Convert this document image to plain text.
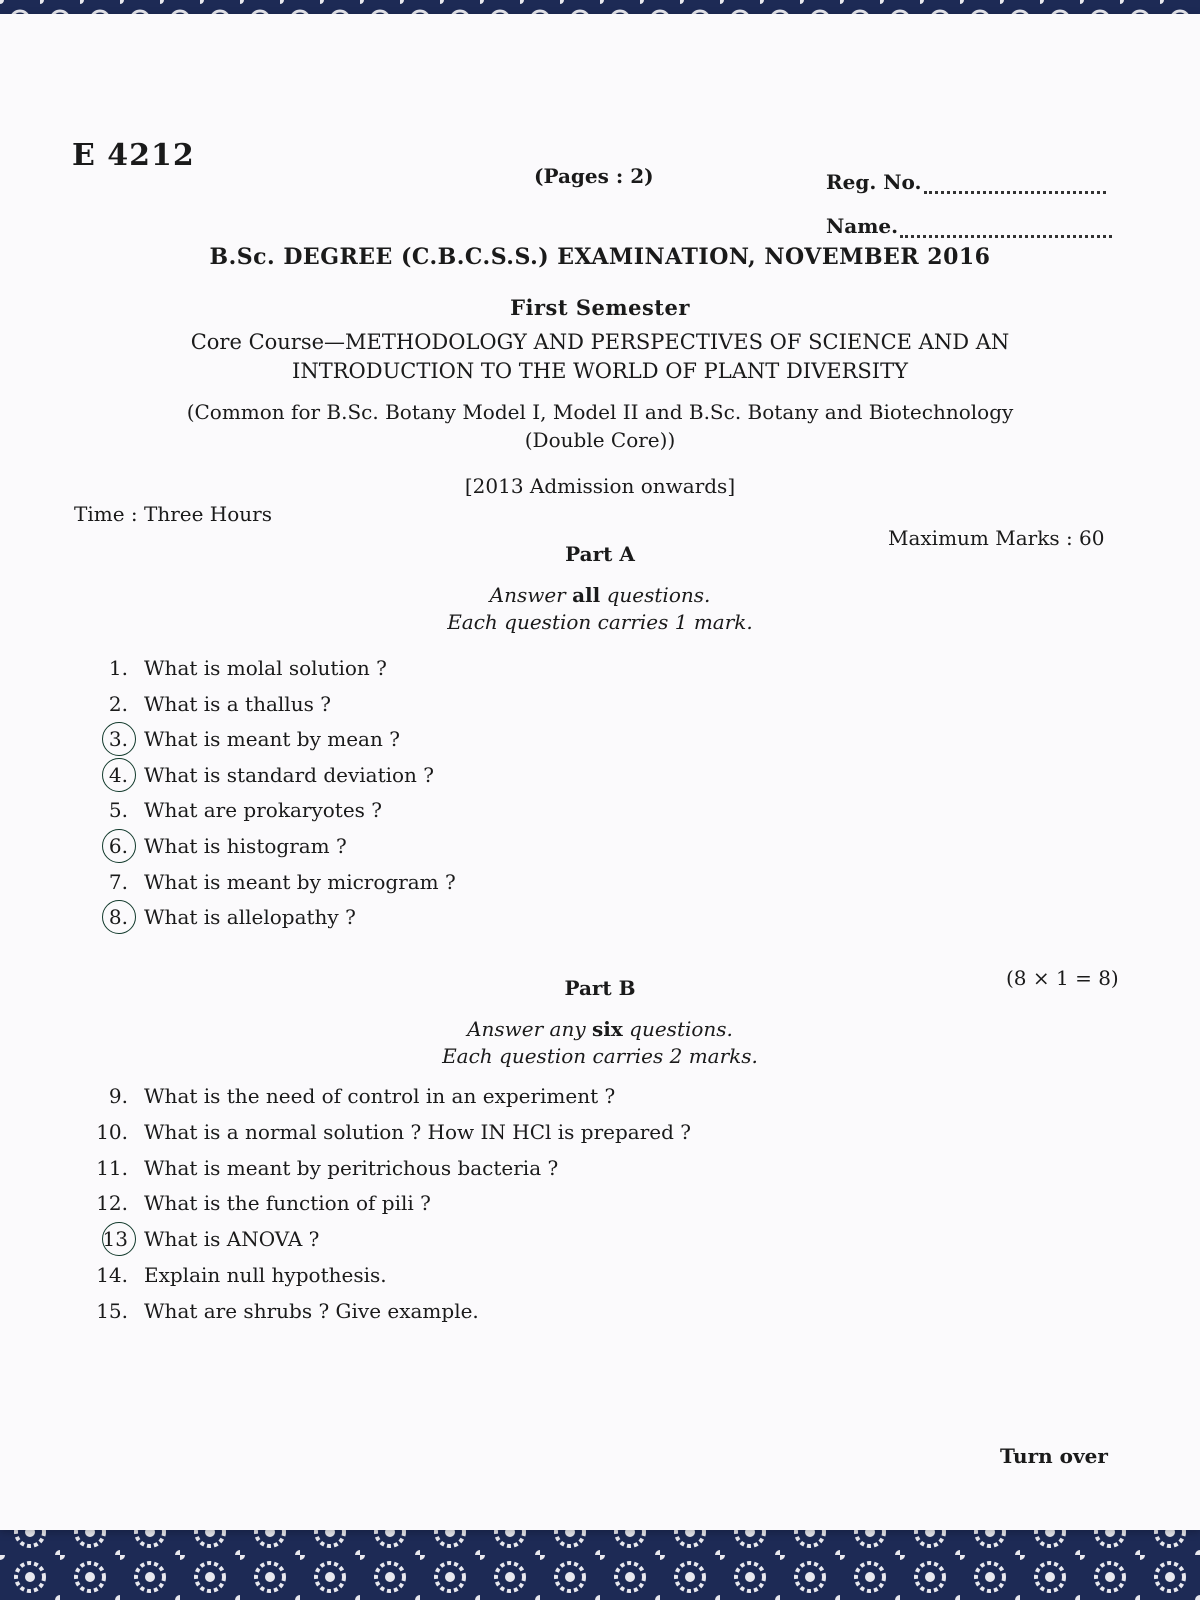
E 4212
(Pages : 2)	Reg. No.
Name.
B.Sc. DEGREE (C.B.C.S.S.) EXAMINATION, NOVEMBER 2016
First Semester
Core Course—METHODOLOGY AND PERSPECTIVES OF SCIENCE AND AN
INTRODUCTION TO THE WORLD OF PLANT DIVERSITY
(Common for B.Sc. Botany Model I, Model II and B.Sc. Botany and Biotechnology
(Double Core))
[2013 Admission onwards]
Time : Three Hours
Maximum Marks : 60
Part A
Answer all questions.
Each question carries 1 mark.
1. What is molal solution ?
2. What is a thallus ?
3. What is meant by mean ?
4. What is standard deviation ?
5. What are prokaryotes ?
6. What is histogram ?
7. What is meant by microgram ?
8. What is allelopathy ?
(8 × 1 = 8)
Part B
Answer any six questions.
Each question carries 2 marks.
9. What is the need of control in an experiment ?
10. What is a normal solution ? How IN HCl is prepared ?
11. What is meant by peritrichous bacteria ?
12. What is the function of pili ?
13 What is ANOVA ?
14. Explain null hypothesis.
15. What are shrubs ? Give example.
Turn over
